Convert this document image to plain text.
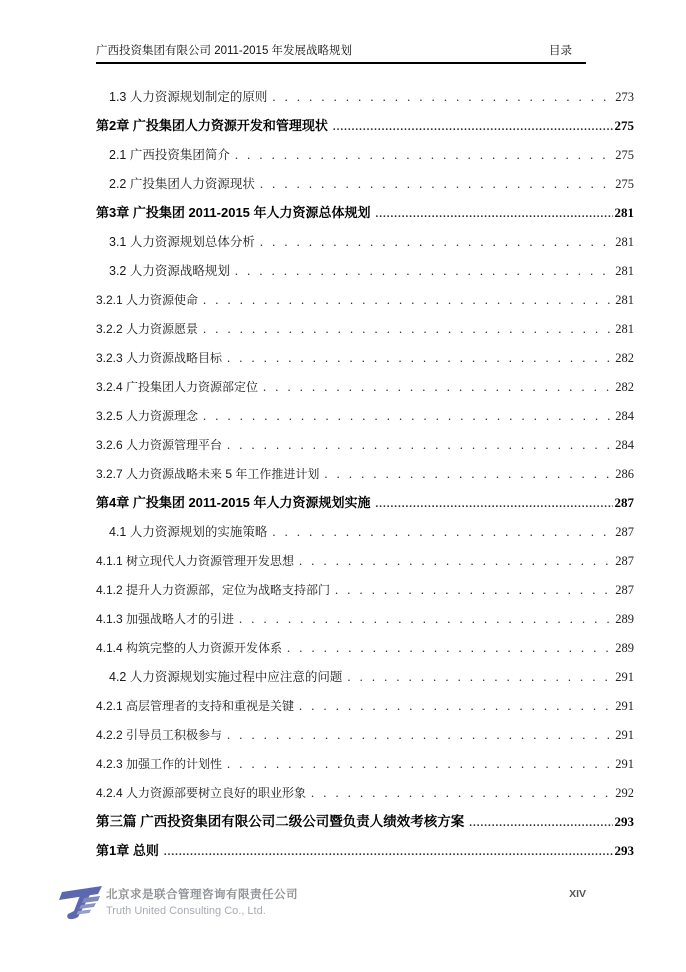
广西投资集团有限公司 2011-2015 年发展战略规划	目录
1.3 人力资源规划制定的原则 . . .	273
第2章 广投集团人力资源开发和管理现状 .....	275
2.1 广西投资集团简介 . . .	275
2.2 广投集团人力资源现状 . . .	275
第3章 广投集团 2011-2015 年人力资源总体规划 .....	281
3.1 人力资源规划总体分析 . . .	281
3.2 人力资源战略规划 . . .	281
3.2.1 人力资源使命 . . .	281
3.2.2 人力资源愿景 . . .	281
3.2.3 人力资源战略目标 . . .	282
3.2.4 广投集团人力资源部定位 . . .	282
3.2.5 人力资源理念 . . .	284
3.2.6 人力资源管理平台 . . .	284
3.2.7 人力资源战略未来 5 年工作推进计划 . . .	286
第4章 广投集团 2011-2015 年人力资源规划实施 .....	287
4.1 人力资源规划的实施策略 . . .	287
4.1.1 树立现代人力资源管理开发思想 . . .	287
4.1.2 提升人力资源部，定位为战略支持部门 . . .	287
4.1.3 加强战略人才的引进 . . .	289
4.1.4 构筑完整的人力资源开发体系 . . .	289
4.2 人力资源规划实施过程中应注意的问题 . . .	291
4.2.1 高层管理者的支持和重视是关键 . . .	291
4.2.2 引导员工积极参与 . . .	291
4.2.3 加强工作的计划性 . . .	291
4.2.4 人力资源部要树立良好的职业形象 . . .	292
第三篇 广西投资集团有限公司二级公司暨负责人绩效考核方案 .....	293
第1章 总则 .....	293
北京求是联合管理咨询有限责任公司
Truth United Consulting Co., Ltd.
XIV
